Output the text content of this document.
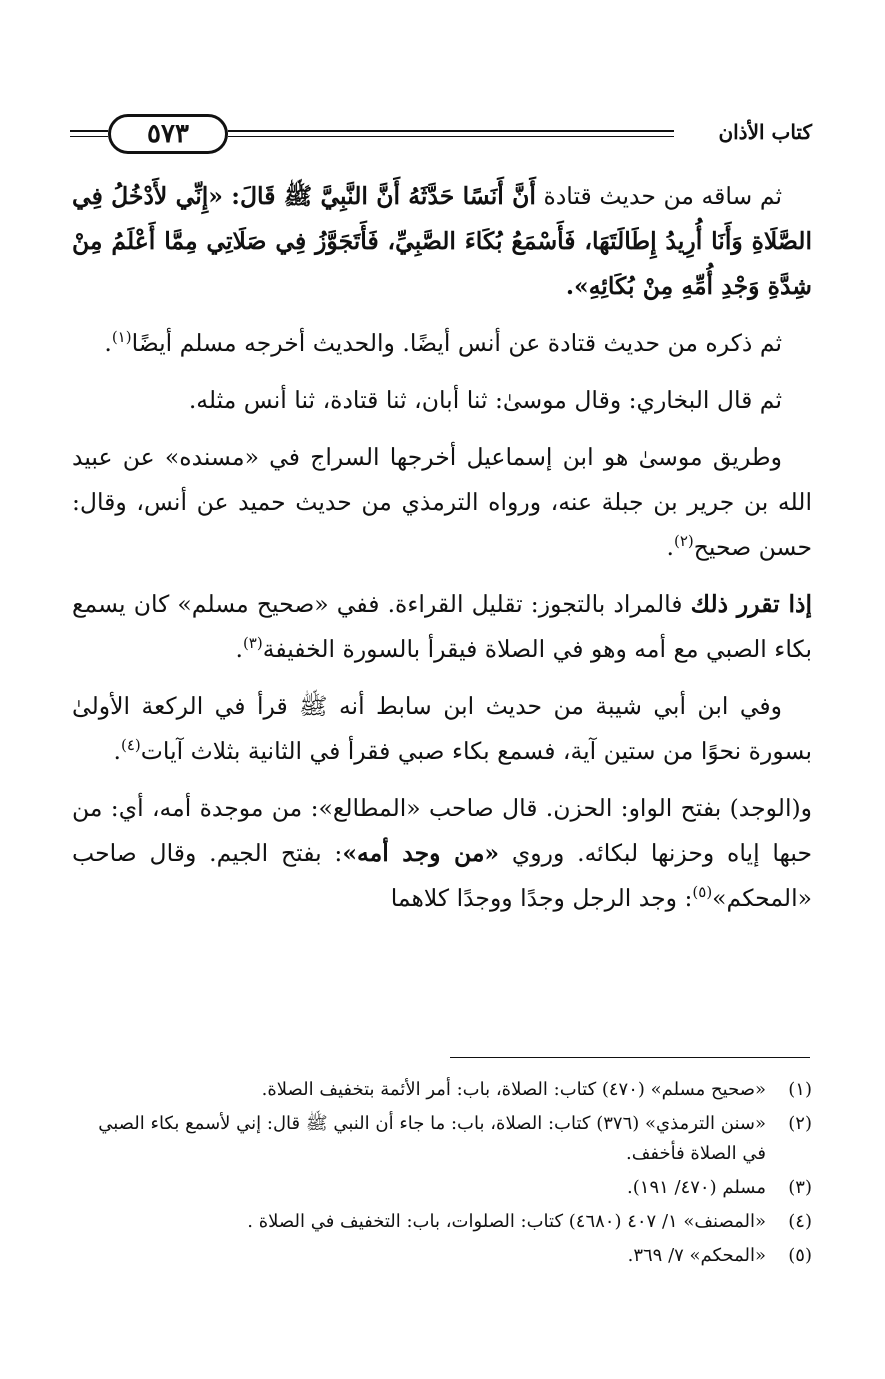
٥٧٣	كتاب الأذان

ثم ساقه من حديث قتادة أَنَّ أَنَسًا حَدَّثَهُ أَنَّ النَّبِيَّ ﷺ قَالَ: «إِنِّي لأَدْخُلُ فِي الصَّلَاةِ وَأَنَا أُرِيدُ إِطَالَتَهَا، فَأَسْمَعُ بُكَاءَ الصَّبِيِّ، فَأَتَجَوَّزُ فِي صَلَاتِي مِمَّا أَعْلَمُ مِنْ شِدَّةِ وَجْدِ أُمِّهِ مِنْ بُكَائِهِ».

ثم ذكره من حديث قتادة عن أنس أيضًا. والحديث أخرجه مسلم أيضًا$^{(١)}$.

ثم قال البخاري: وقال موسىٰ: ثنا أبان، ثنا قتادة، ثنا أنس مثله.

وطريق موسىٰ هو ابن إسماعيل أخرجها السراج في «مسنده» عن عبيد الله بن جرير بن جبلة عنه، ورواه الترمذي من حديث حميد عن أنس، وقال: حسن صحيح$^{(٢)}$.

إذا تقرر ذلك فالمراد بالتجوز: تقليل القراءة. ففي «صحيح مسلم» كان يسمع بكاء الصبي مع أمه وهو في الصلاة فيقرأ بالسورة الخفيفة$^{(٣)}$.

وفي ابن أبي شيبة من حديث ابن سابط أنه ﷺ قرأ في الركعة الأولىٰ بسورة نحوًا من ستين آية، فسمع بكاء صبي فقرأ في الثانية بثلاث آيات$^{(٤)}$.

و(الوجد) بفتح الواو: الحزن. قال صاحب «المطالع»: من موجدة أمه، أي: من حبها إياه وحزنها لبكائه. وروي «من وجد أمه»: بفتح الجيم. وقال صاحب «المحكم»$^{(٥)}$: وجد الرجل وجدًا ووجدًا كلاهما

(١)
«صحيح مسلم» (٤٧٠) كتاب: الصلاة، باب: أمر الأئمة بتخفيف الصلاة.
(٢)
«سنن الترمذي» (٣٧٦) كتاب: الصلاة، باب: ما جاء أن النبي ﷺ قال: إني لأسمع بكاء الصبي في الصلاة فأخفف.
(٣)
مسلم (٤٧٠/ ١٩١).
(٤)
«المصنف» ١/ ٤٠٧ (٤٦٨٠) كتاب: الصلوات، باب: التخفيف في الصلاة .
(٥)
«المحكم» ٧/ ٣٦٩.
